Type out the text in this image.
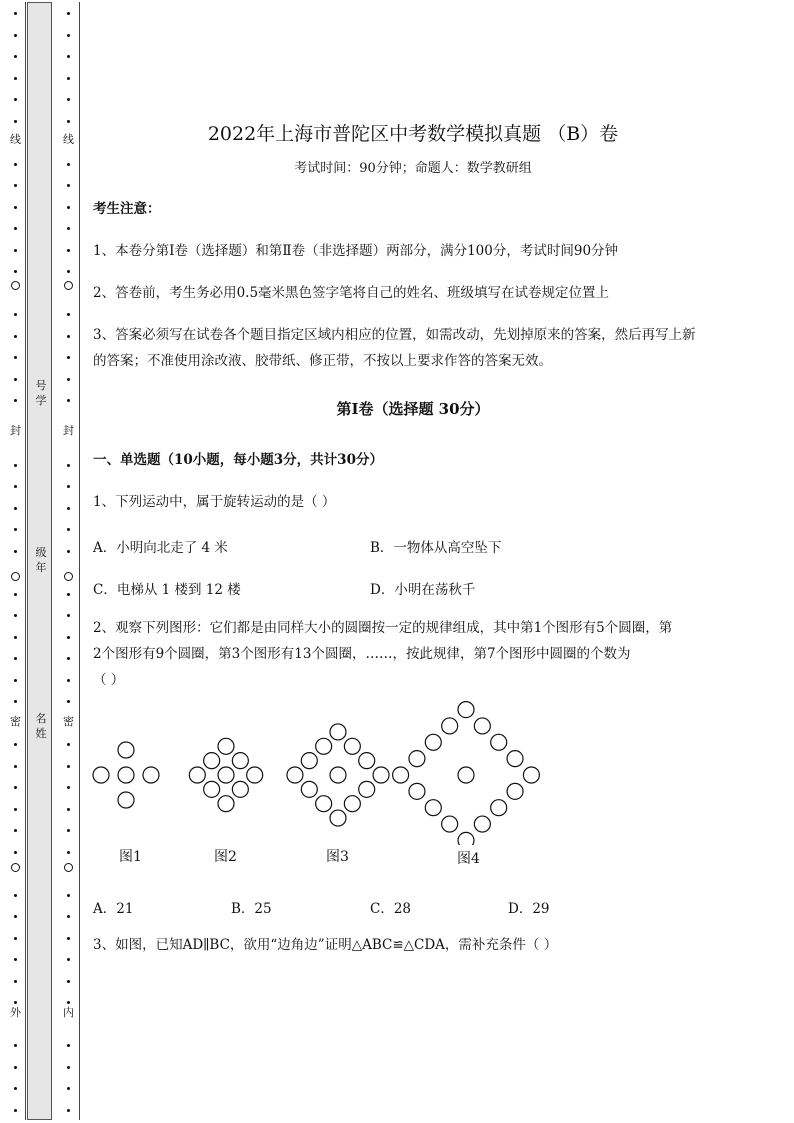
线
封
密
外
线
封
密
内
号
学
级
年
名
姓
2022年上海市普陀区中考数学模拟真题 （B）卷
考试时间：90分钟；命题人：数学教研组
考生注意：
1、本卷分第I卷（选择题）和第Ⅱ卷（非选择题）两部分，满分100分，考试时间90分钟
2、答卷前，考生务必用0.5毫米黑色签字笔将自己的姓名、班级填写在试卷规定位置上
3、答案必须写在试卷各个题目指定区域内相应的位置，如需改动，先划掉原来的答案，然后再写上新
的答案；不准使用涂改液、胶带纸、修正带，不按以上要求作答的答案无效。
第I卷（选择题 30分）
一、单选题（10小题，每小题3分，共计30分）
1、下列运动中，属于旋转运动的是（ ）
A．小明向北走了 4 米	B．一物体从高空坠下
C．电梯从 1 楼到 12 楼	D．小明在荡秋千
2、观察下列图形：它们都是由同样大小的圆圈按一定的规律组成，其中第1个图形有5个圆圈，第
2个图形有9个圆圈，第3个图形有13个圆圈，……，按此规律，第7个图形中圆圈的个数为
（ ）
图1	图2	图3	图4
A．21	B．25	C．28	D．29
3、如图，已知AD∥BC，欲用“边角边”证明△ABC≌△CDA，需补充条件（ ）
